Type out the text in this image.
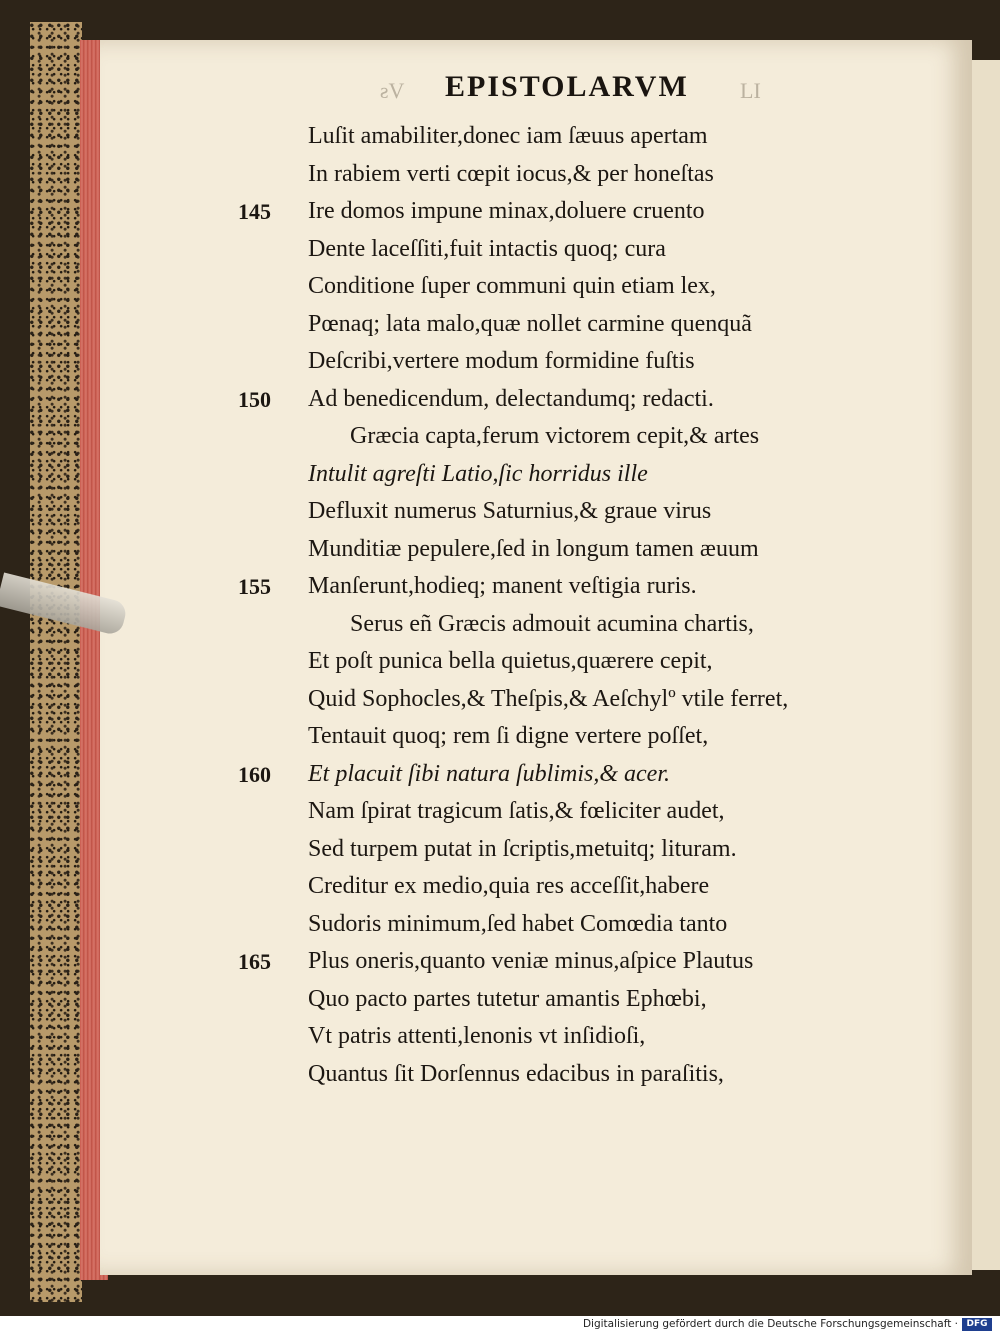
ƨV EPISTOLARVM LI
Luſit amabiliter,donec iam ſæuus apertam
In rabiem verti cœpit iocus,& per honeſtas
Ire domos impune minax,doluere cruento
Dente laceſſiti,fuit intactis quoq; cura
Conditione ſuper communi quin etiam lex,
Pœnaq; lata malo,quæ nollet carmine quenquã
Deſcribi,vertere modum formidine fuſtis
Ad benedicendum, delectandumq; redacti.
Græcia capta,ferum victorem cepit,& artes
Intulit agreſti Latio,ſic horridus ille
Defluxit numerus Saturnius,& graue virus
Munditiæ pepulere,ſed in longum tamen æuum
Manſerunt,hodieq; manent veſtigia ruris.
Serus eñ Græcis admouit acumina chartis,
Et poſt punica bella quietus,quærere cepit,
Quid Sophocles,& Theſpis,& Aeſchylº vtile ferret,
Tentauit quoq; rem ſi digne vertere poſſet,
Et placuit ſibi natura ſublimis,& acer.
Nam ſpirat tragicum ſatis,& fœliciter audet,
Sed turpem putat in ſcriptis,metuitq; lituram.
Creditur ex medio,quia res acceſſit,habere
Sudoris minimum,ſed habet Comœdia tanto
Plus oneris,quanto veniæ minus,aſpice Plautus
Quo pacto partes tutetur amantis Ephœbi,
Vt patris attenti,lenonis vt inſidioſi,
Quantus ſit Dorſennus edacibus in paraſitis,
145
150
155
160
165
Digitalisierung gefördert durch die Deutsche Forschungsgemeinschaft · DFG
